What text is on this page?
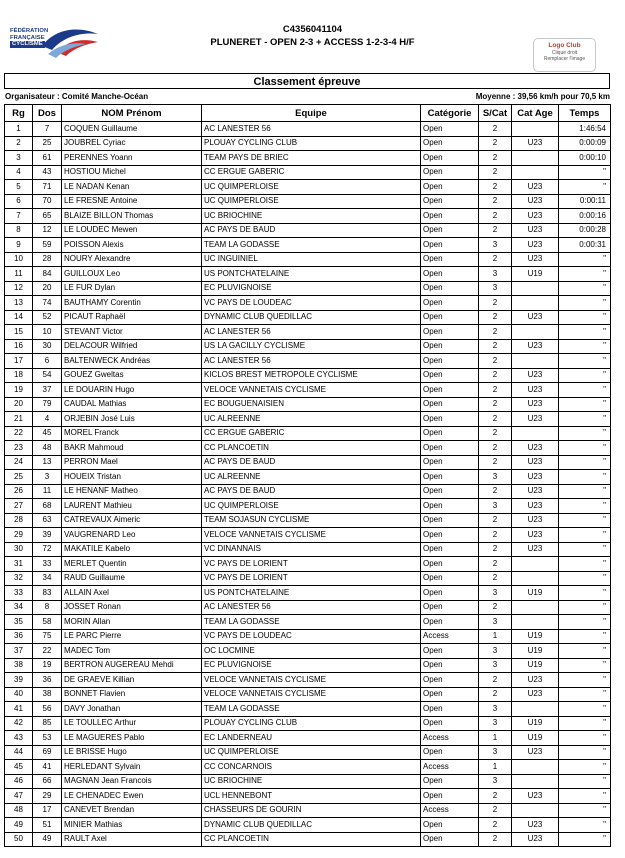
FÉDÉRATION
FRANÇAISE
CYCLISME
C4356041104
PLUNERET - OPEN 2-3 + ACCESS 1-2-3-4 H/F	Logo Club
Clique droit
Remplacer l'image
Classement épreuve
Organisateur : Comité Manche-Océan	Moyenne : 39,56 km/h pour 70,5 km
Rg	Dos	NOM Prénom	Equipe	Catégorie	S/Cat	Cat Age	Temps
1	7	COQUEN Guillaume	AC LANESTER 56	Open	2		1:46:54
2	25	JOUBREL Cyriac	PLOUAY CYCLING CLUB	Open	2	U23	0:00:09
3	61	PERENNES Yoann	TEAM PAYS DE BRIEC	Open	2		0:00:10
4	43	HOSTIOU Michel	CC ERGUE GABERIC	Open	2		"
5	71	LE NADAN Kenan	UC QUIMPERLOISE	Open	2	U23	"
6	70	LE FRESNE Antoine	UC QUIMPERLOISE	Open	2	U23	0:00:11
7	65	BLAIZE BILLON Thomas	UC BRIOCHINE	Open	2	U23	0:00:16
8	12	LE LOUDEC Mewen	AC PAYS DE BAUD	Open	2	U23	0:00:28
9	59	POISSON Alexis	TEAM LA GODASSE	Open	3	U23	0:00:31
10	28	NOURY Alexandre	UC INGUINIEL	Open	2	U23	"
11	84	GUILLOUX Leo	US PONTCHATELAINE	Open	3	U19	"
12	20	LE FUR Dylan	EC PLUVIGNOISE	Open	3		"
13	74	BAUTHAMY Corentin	VC PAYS DE LOUDEAC	Open	2		"
14	52	PICAUT Raphaël	DYNAMIC CLUB QUEDILLAC	Open	2	U23	"
15	10	STEVANT Victor	AC LANESTER 56	Open	2		"
16	30	DELACOUR Wilfried	US LA GACILLY CYCLISME	Open	2	U23	"
17	6	BALTENWECK Andréas	AC LANESTER 56	Open	2		"
18	54	GOUEZ Gweltas	KICLOS BREST METROPOLE CYCLISME	Open	2	U23	"
19	37	LE DOUARIN Hugo	VELOCE VANNETAIS CYCLISME	Open	2	U23	"
20	79	CAUDAL Mathias	EC BOUGUENAISIEN	Open	2	U23	"
21	4	ORJEBIN José Luis	UC ALREENNE	Open	2	U23	"
22	45	MOREL Franck	CC ERGUE GABERIC	Open	2		"
23	48	BAKR Mahmoud	CC PLANCOETIN	Open	2	U23	"
24	13	PERRON Mael	AC PAYS DE BAUD	Open	2	U23	"
25	3	HOUEIX Tristan	UC ALREENNE	Open	3	U23	"
26	11	LE HENANF Matheo	AC PAYS DE BAUD	Open	2	U23	"
27	68	LAURENT Mathieu	UC QUIMPERLOISE	Open	3	U23	"
28	63	CATREVAUX Aimeric	TEAM SOJASUN CYCLISME	Open	2	U23	"
29	39	VAUGRENARD Leo	VELOCE VANNETAIS CYCLISME	Open	2	U23	"
30	72	MAKATILE Kabelo	VC DINANNAIS	Open	2	U23	"
31	33	MERLET Quentin	VC PAYS DE LORIENT	Open	2		"
32	34	RAUD Guillaume	VC PAYS DE LORIENT	Open	2		"
33	83	ALLAIN Axel	US PONTCHATELAINE	Open	3	U19	"
34	8	JOSSET Ronan	AC LANESTER 56	Open	2		"
35	58	MORIN Allan	TEAM LA GODASSE	Open	3		"
36	75	LE PARC Pierre	VC PAYS DE LOUDEAC	Access	1	U19	"
37	22	MADEC Tom	OC LOCMINE	Open	3	U19	"
38	19	BERTRON AUGEREAU Mehdi	EC PLUVIGNOISE	Open	3	U19	"
39	36	DE GRAEVE Killian	VELOCE VANNETAIS CYCLISME	Open	2	U23	"
40	38	BONNET Flavien	VELOCE VANNETAIS CYCLISME	Open	2	U23	"
41	56	DAVY Jonathan	TEAM LA GODASSE	Open	3		"
42	85	LE TOULLEC Arthur	PLOUAY CYCLING CLUB	Open	3	U19	"
43	53	LE MAGUERES Pablo	EC LANDERNEAU	Access	1	U19	"
44	69	LE BRISSE Hugo	UC QUIMPERLOISE	Open	3	U23	"
45	41	HERLEDANT Sylvain	CC CONCARNOIS	Access	1		"
46	66	MAGNAN Jean Francois	UC BRIOCHINE	Open	3		"
47	29	LE CHENADEC Ewen	UCL HENNEBONT	Open	2	U23	"
48	17	CANEVET Brendan	CHASSEURS DE GOURIN	Access	2		"
49	51	MINIER Mathias	DYNAMIC CLUB QUEDILLAC	Open	2	U23	"
50	49	RAULT Axel	CC PLANCOETIN	Open	2	U23	"
